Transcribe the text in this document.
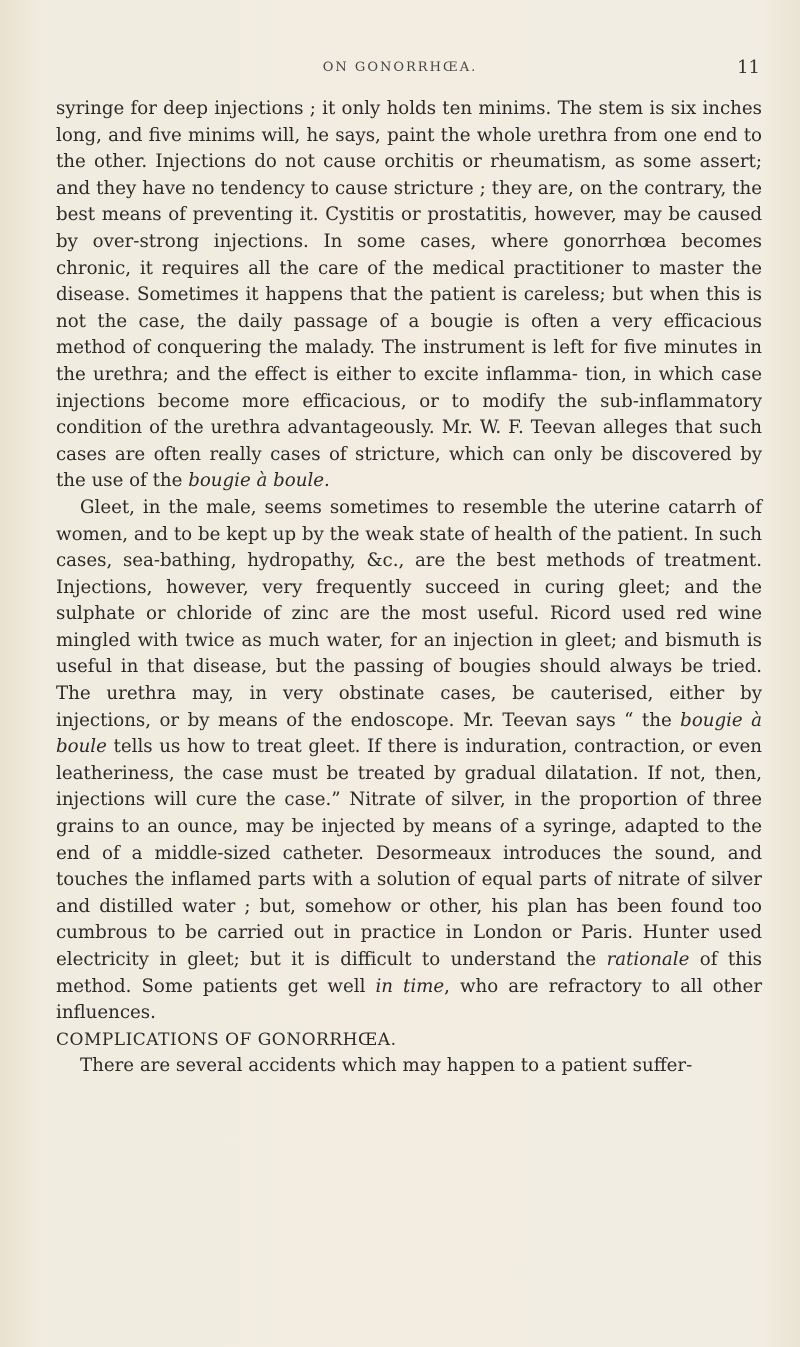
ON GONORRHŒA.	11

syringe for deep injections ; it only holds ten minims. The stem is six inches long, and five minims will, he says, paint the whole urethra from one end to the other. Injections do not cause orchitis or rheumatism, as some assert; and they have no tendency to cause stricture ; they are, on the contrary, the best means of preventing it. Cystitis or prostatitis, however, may be caused by over-strong injections. In some cases, where gonorrhœa becomes chronic, it requires all the care of the medical practitioner to master the disease. Sometimes it happens that the patient is careless; but when this is not the case, the daily passage of a bougie is often a very efficacious method of conquering the malady. The instrument is left for five minutes in the urethra; and the effect is either to excite inflamma- tion, in which case injections become more efficacious, or to modify the sub-inflammatory condition of the urethra advantageously. Mr. W. F. Teevan alleges that such cases are often really cases of stricture, which can only be discovered by the use of the bougie à boule.

Gleet, in the male, seems sometimes to resemble the uterine catarrh of women, and to be kept up by the weak state of health of the patient. In such cases, sea-bathing, hydropathy, &c., are the best methods of treatment. Injections, however, very frequently succeed in curing gleet; and the sulphate or chloride of zinc are the most useful. Ricord used red wine mingled with twice as much water, for an injection in gleet; and bismuth is useful in that disease, but the passing of bougies should always be tried. The urethra may, in very obstinate cases, be cauterised, either by injections, or by means of the endoscope. Mr. Teevan says “ the bougie à boule tells us how to treat gleet. If there is induration, contraction, or even leatheriness, the case must be treated by gradual dilatation. If not, then, injections will cure the case.” Nitrate of silver, in the proportion of three grains to an ounce, may be injected by means of a syringe, adapted to the end of a middle-sized catheter. Desormeaux introduces the sound, and touches the inflamed parts with a solution of equal parts of nitrate of silver and distilled water ; but, somehow or other, his plan has been found too cumbrous to be carried out in practice in London or Paris. Hunter used electricity in gleet; but it is difficult to understand the rationale of this method. Some patients get well in time, who are refractory to all other influences.

COMPLICATIONS OF GONORRHŒA.

There are several accidents which may happen to a patient suffer-
